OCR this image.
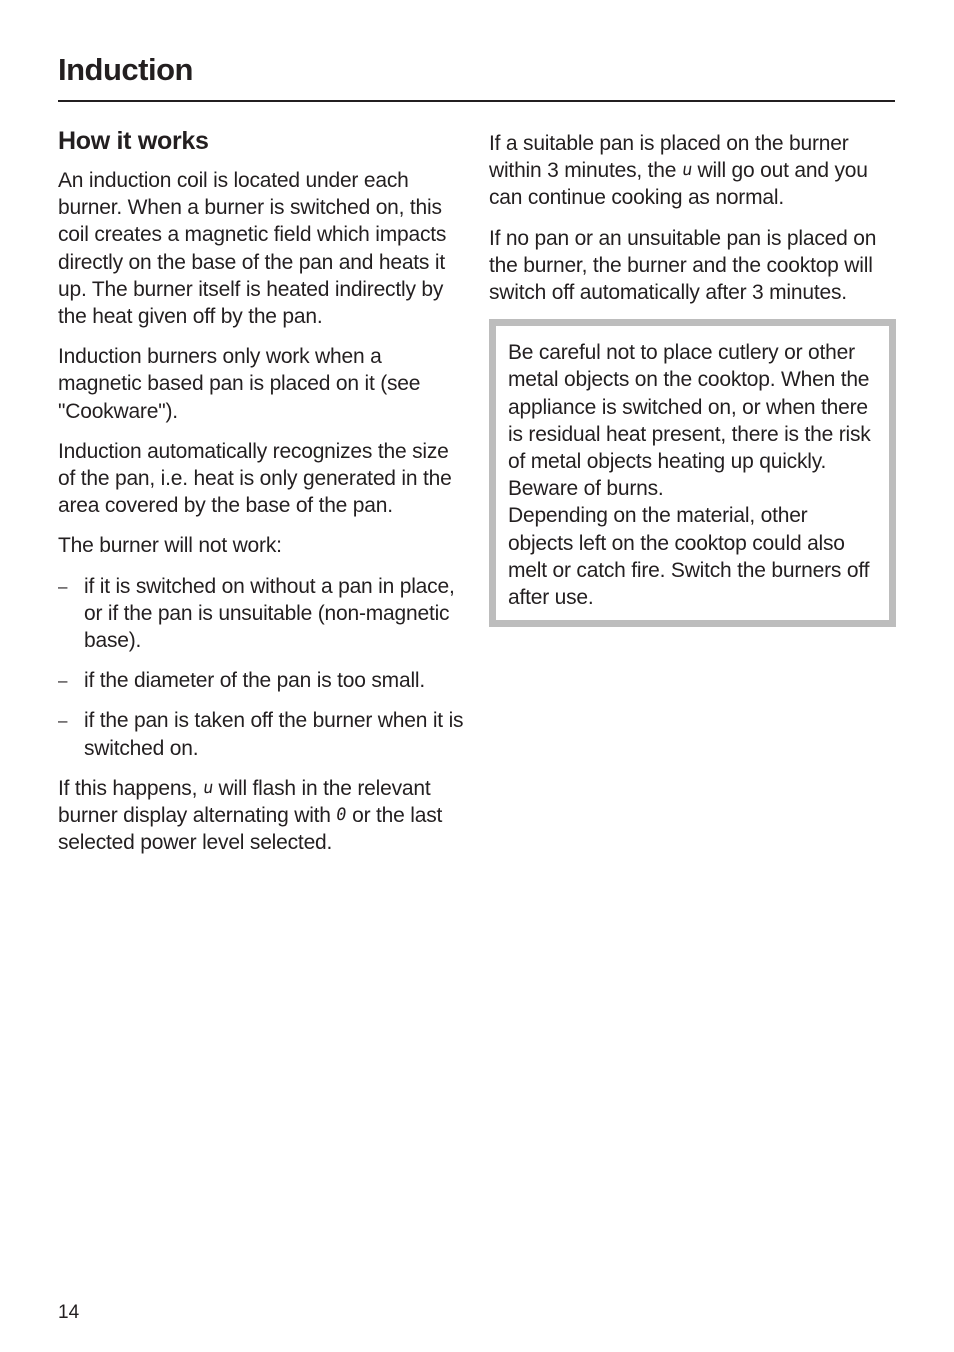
Induction
How it works

An induction coil is located under each burner. When a burner is switched on, this coil creates a magnetic field which impacts directly on the base of the pan and heats it up. The burner itself is heated indirectly by the heat given off by the pan.

Induction burners only work when a magnetic based pan is placed on it (see "Cookware").

Induction automatically recognizes the size of the pan, i.e. heat is only generated in the area covered by the base of the pan.

The burner will not work:

– if it is switched on without a pan in place, or if the pan is unsuitable (non-magnetic base).
– if the diameter of the pan is too small.
– if the pan is taken off the burner when it is switched on.

If this happens, u will flash in the relevant burner display alternating with 0 or the last selected power level selected.

If a suitable pan is placed on the burner within 3 minutes, the u will go out and you can continue cooking as normal.

If no pan or an unsuitable pan is placed on the burner, the burner and the cooktop will switch off automatically after 3 minutes.

Be careful not to place cutlery or other metal objects on the cooktop. When the appliance is switched on, or when there is residual heat present, there is the risk of metal objects heating up quickly.

Beware of burns.

Depending on the material, other objects left on the cooktop could also melt or catch fire. Switch the burners off after use.

14
